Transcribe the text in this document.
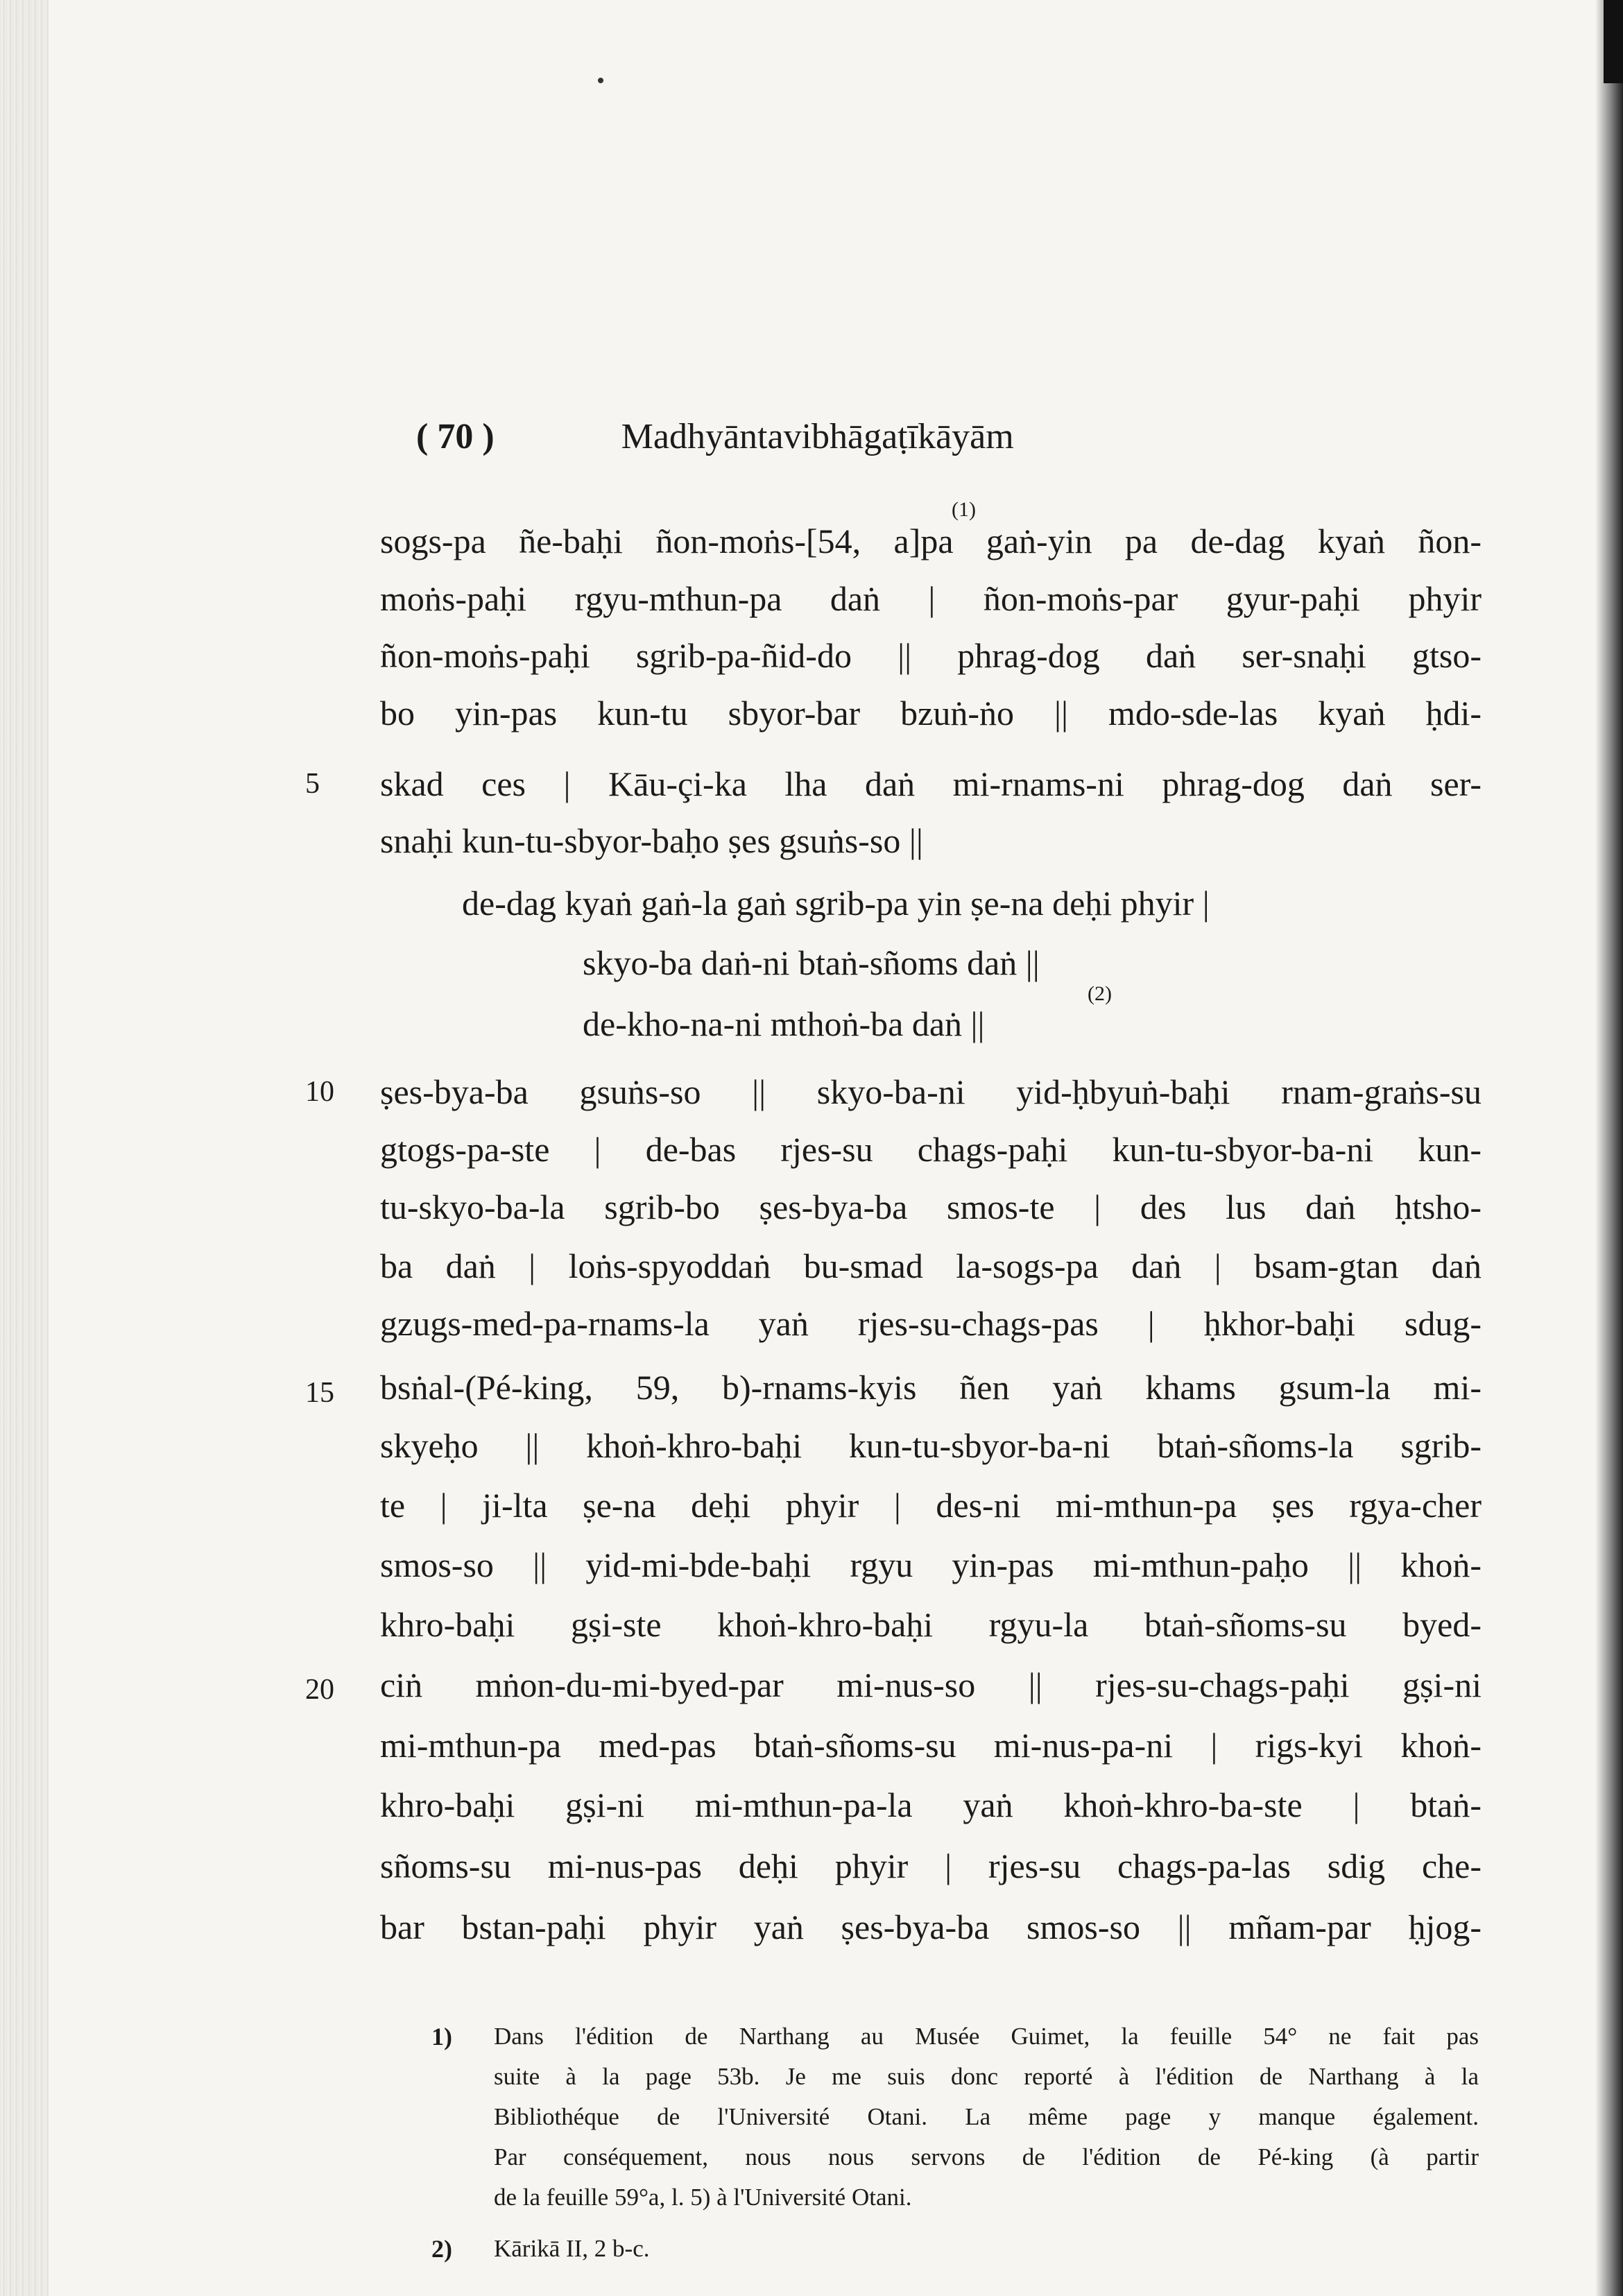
( 70 )	Madhyāntavibhāgaṭīkāyām
(1)
sogs-pa ñe-baḥi ñon-moṅs-[54, a]pa gaṅ-yin pa de-dag kyaṅ ñon-
moṅs-paḥi rgyu-mthun-pa daṅ | ñon-moṅs-par gyur-paḥi phyir
ñon-moṅs-paḥi sgrib-pa-ñid-do || phrag-dog daṅ ser-snaḥi gtso-
bo yin-pas kun-tu sbyor-bar bzuṅ-ṅo || mdo-sde-las kyaṅ ḥdi-
5 skad ces | Kāu-çi-ka lha daṅ mi-rnams-ni phrag-dog daṅ ser-
snaḥi kun-tu-sbyor-baḥo ṣes gsuṅs-so ||
de-dag kyaṅ gaṅ-la gaṅ sgrib-pa yin ṣe-na deḥi phyir |
skyo-ba daṅ-ni btaṅ-sñoms daṅ ||
(2)
de-kho-na-ni mthoṅ-ba daṅ ||
10 ṣes-bya-ba gsuṅs-so || skyo-ba-ni yid-ḥbyuṅ-baḥi rnam-graṅs-su
gtogs-pa-ste | de-bas rjes-su chags-paḥi kun-tu-sbyor-ba-ni kun-
tu-skyo-ba-la sgrib-bo ṣes-bya-ba smos-te | des lus daṅ ḥtsho-
ba daṅ | loṅs-spyoddaṅ bu-smad la-sogs-pa daṅ | bsam-gtan daṅ
gzugs-med-pa-rnams-la yaṅ rjes-su-chags-pas | ḥkhor-baḥi sdug-
15 bsṅal-(Pé-king, 59, b)-rnams-kyis ñen yaṅ khams gsum-la mi-
skyeḥo || khoṅ-khro-baḥi kun-tu-sbyor-ba-ni btaṅ-sñoms-la sgrib-
te | ji-lta ṣe-na deḥi phyir | des-ni mi-mthun-pa ṣes rgya-cher
smos-so || yid-mi-bde-baḥi rgyu yin-pas mi-mthun-paḥo || khoṅ-
khro-baḥi gṣi-ste khoṅ-khro-baḥi rgyu-la btaṅ-sñoms-su byed-
20 ciṅ mṅon-du-mi-byed-par mi-nus-so || rjes-su-chags-paḥi gṣi-ni
mi-mthun-pa med-pas btaṅ-sñoms-su mi-nus-pa-ni | rigs-kyi khoṅ-
khro-baḥi gṣi-ni mi-mthun-pa-la yaṅ khoṅ-khro-ba-ste | btaṅ-
sñoms-su mi-nus-pas deḥi phyir | rjes-su chags-pa-las sdig che-
bar bstan-paḥi phyir yaṅ ṣes-bya-ba smos-so || mñam-par ḥjog-
1) Dans l'édition de Narthang au Musée Guimet, la feuille 54° ne fait pas
suite à la page 53b. Je me suis donc reporté à l'édition de Narthang à la
Bibliothéque de l'Université Otani. La même page y manque également.
Par conséquement, nous nous servons de l'édition de Pé-king (à partir
de la feuille 59°a, l. 5) à l'Université Otani.
2) Kārikā II, 2 b-c.
